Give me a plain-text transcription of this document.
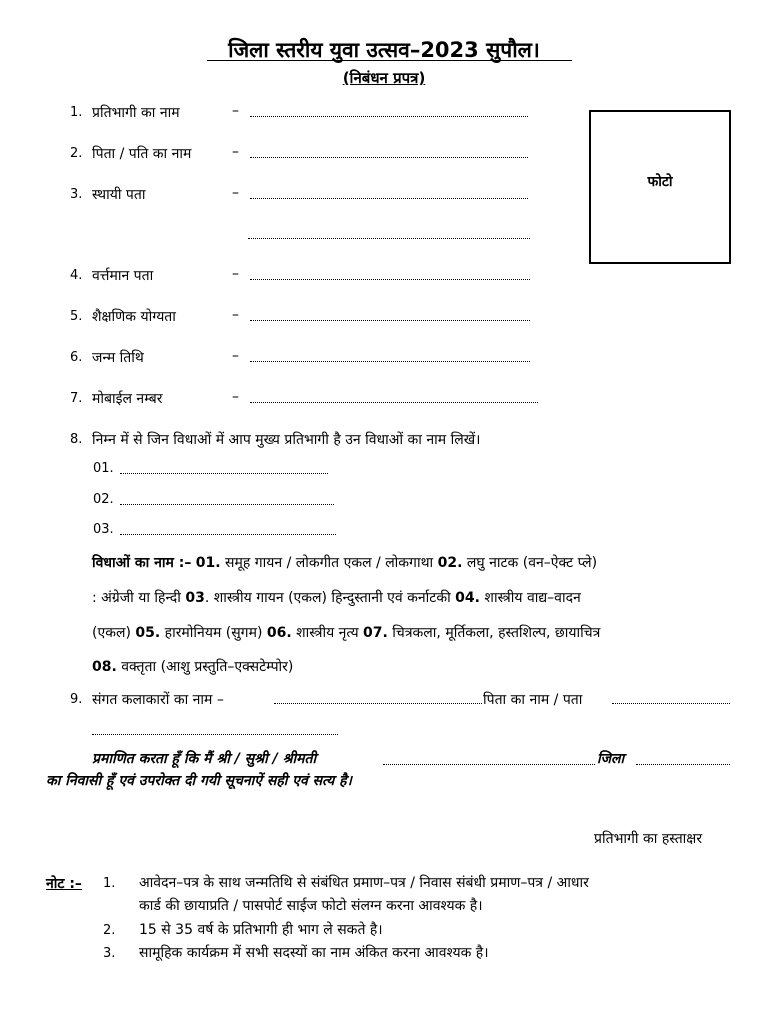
जिला स्तरीय युवा उत्सव–2023 सुपौल।
(निबंधन प्रपत्र)
फोटो
1. प्रतिभागी का नाम	–
2. पिता / पति का नाम	–
3. स्थायी पता	–
4. वर्त्तमान पता	–
5. शैक्षणिक योग्यता	–
6. जन्म तिथि	–
7. मोबाईल नम्बर	–
8. निम्न में से जिन विधाओं में आप मुख्य प्रतिभागी है उन विधाओं का नाम लिखें।
01.
02.
03.
विधाओं का नाम :– 01. समूह गायन / लोकगीत एकल / लोकगाथा 02. लघु नाटक (वन–ऐक्ट प्ले)
: अंग्रेजी या हिन्दी 03. शास्त्रीय गायन (एकल) हिन्दुस्तानी एवं कर्नाटकी 04. शास्त्रीय वाद्य–वादन
(एकल) 05. हारमोनियम (सुगम) 06. शास्त्रीय नृत्य 07. चित्रकला, मूर्तिकला, हस्तशिल्प, छायाचित्र
08. वक्तृता (आशु प्रस्तुति–एक्सटेम्पोर)
9. संगत कलाकारों का नाम –	पिता का नाम / पता
प्रमाणित करता हूँ कि मैं श्री / सुश्री / श्रीमती	जिला
का निवासी हूँ एवं उपरोक्त दी गयी सूचनाऐं सही एवं सत्य है।
प्रतिभागी का हस्ताक्षर
नोट :– 1. आवेदन–पत्र के साथ जन्मतिथि से संबंधित प्रमाण–पत्र / निवास संबंधी प्रमाण–पत्र / आधार
कार्ड की छायाप्रति / पासपोर्ट साईज फोटो संलग्न करना आवश्यक है।
2. 15 से 35 वर्ष के प्रतिभागी ही भाग ले सकते है।
3. सामूहिक कार्यक्रम में सभी सदस्यों का नाम अंकित करना आवश्यक है।
